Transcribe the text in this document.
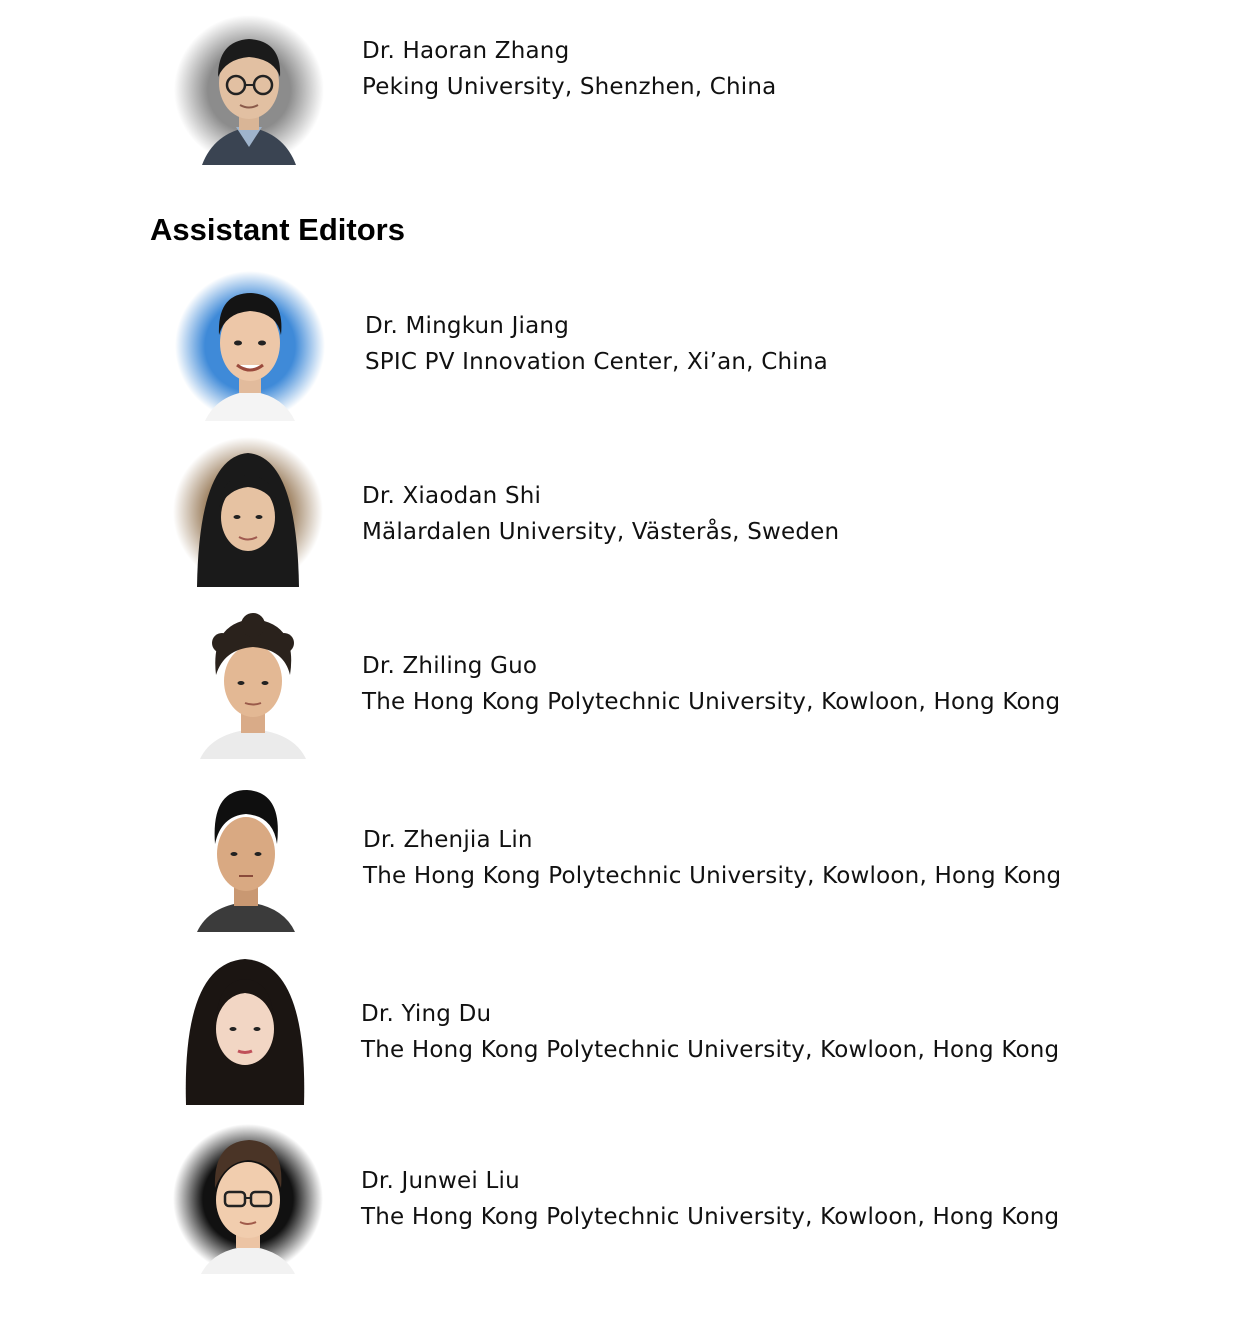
Dr. Haoran Zhang
Peking University, Shenzhen, China
Assistant Editors
Dr. Mingkun Jiang
SPIC PV Innovation Center, Xi’an, China
Dr. Xiaodan Shi
Mälardalen University, Västerås, Sweden
Dr. Zhiling Guo
The Hong Kong Polytechnic University, Kowloon, Hong Kong
Dr. Zhenjia Lin
The Hong Kong Polytechnic University, Kowloon, Hong Kong
Dr. Ying Du
The Hong Kong Polytechnic University, Kowloon, Hong Kong
Dr. Junwei Liu
The Hong Kong Polytechnic University, Kowloon, Hong Kong
